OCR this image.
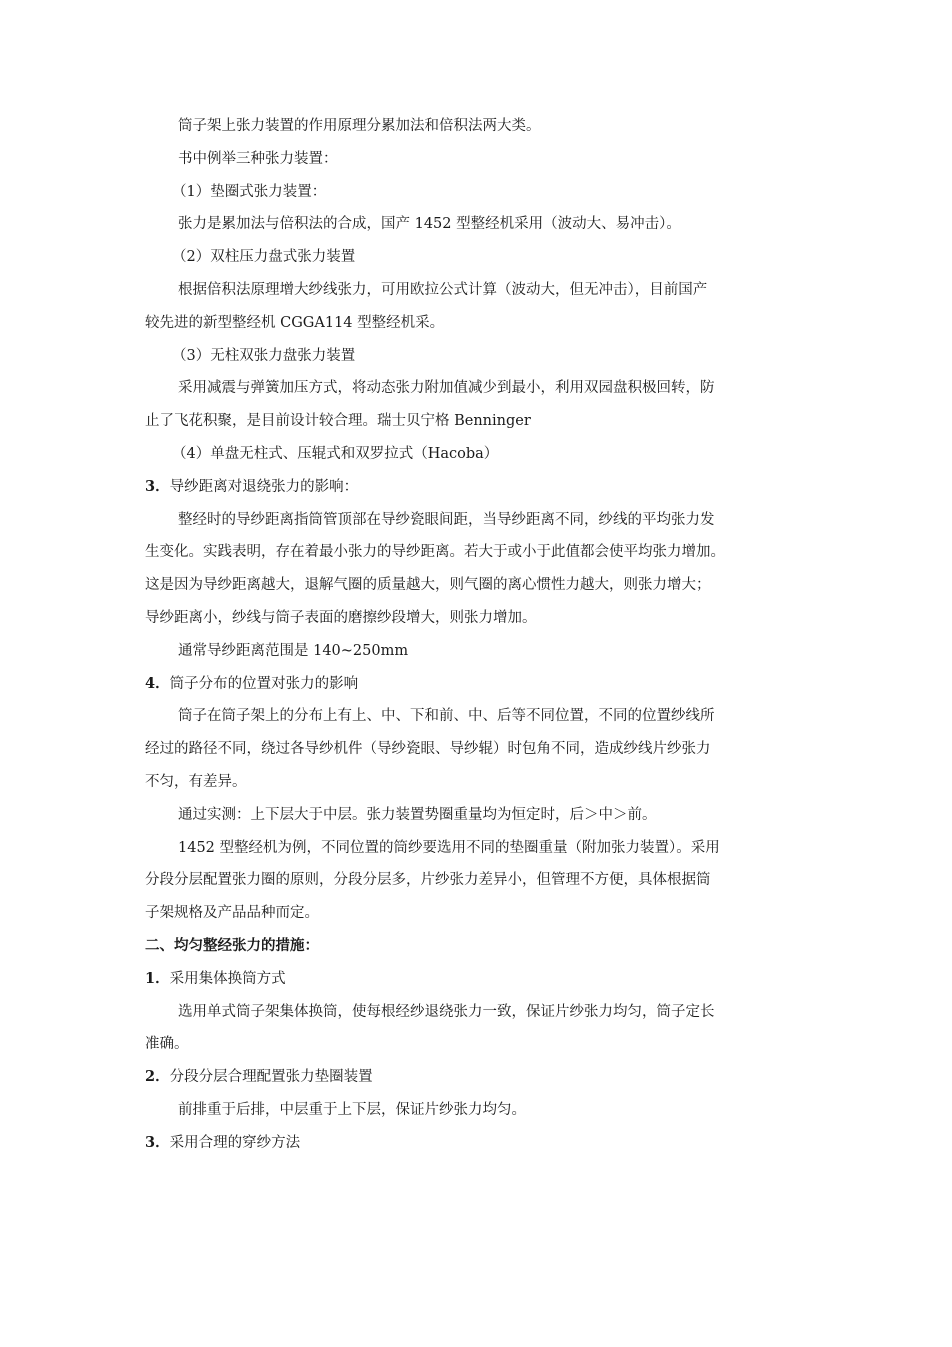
筒子架上张力装置的作用原理分累加法和倍积法两大类。
书中例举三种张力装置：
（1）垫圈式张力装置：
张力是累加法与倍积法的合成，国产 1452 型整经机采用（波动大、易冲击）。
（2）双柱压力盘式张力装置
根据倍积法原理增大纱线张力，可用欧拉公式计算（波动大，但无冲击），目前国产
较先进的新型整经机 CGGA114 型整经机采。
（3）无柱双张力盘张力装置
采用减震与弹簧加压方式，将动态张力附加值减少到最小，利用双园盘积极回转，防
止了飞花积聚，是目前设计较合理。瑞士贝宁格 Benninger
（4）单盘无柱式、压辊式和双罗拉式（Hacoba）
3．导纱距离对退绕张力的影响：
整经时的导纱距离指筒管顶部在导纱瓷眼间距，当导纱距离不同，纱线的平均张力发
生变化。实践表明，存在着最小张力的导纱距离。若大于或小于此值都会使平均张力增加。
这是因为导纱距离越大，退解气圈的质量越大，则气圈的离心惯性力越大，则张力增大；
导纱距离小，纱线与筒子表面的磨擦纱段增大，则张力增加。
通常导纱距离范围是 140~250mm
4．筒子分布的位置对张力的影响
筒子在筒子架上的分布上有上、中、下和前、中、后等不同位置，不同的位置纱线所
经过的路径不同，绕过各导纱机件（导纱瓷眼、导纱辊）时包角不同，造成纱线片纱张力
不匀，有差异。
通过实测：上下层大于中层。张力装置势圈重量均为恒定时，后＞中＞前。
1452 型整经机为例，不同位置的筒纱要选用不同的垫圈重量（附加张力装置）。采用
分段分层配置张力圈的原则，分段分层多，片纱张力差异小，但管理不方便，具体根据筒
子架规格及产品品种而定。
二、均匀整经张力的措施：
1．采用集体换筒方式
选用单式筒子架集体换筒，使每根经纱退绕张力一致，保证片纱张力均匀，筒子定长
准确。
2．分段分层合理配置张力垫圈装置
前排重于后排，中层重于上下层，保证片纱张力均匀。
3．采用合理的穿纱方法
